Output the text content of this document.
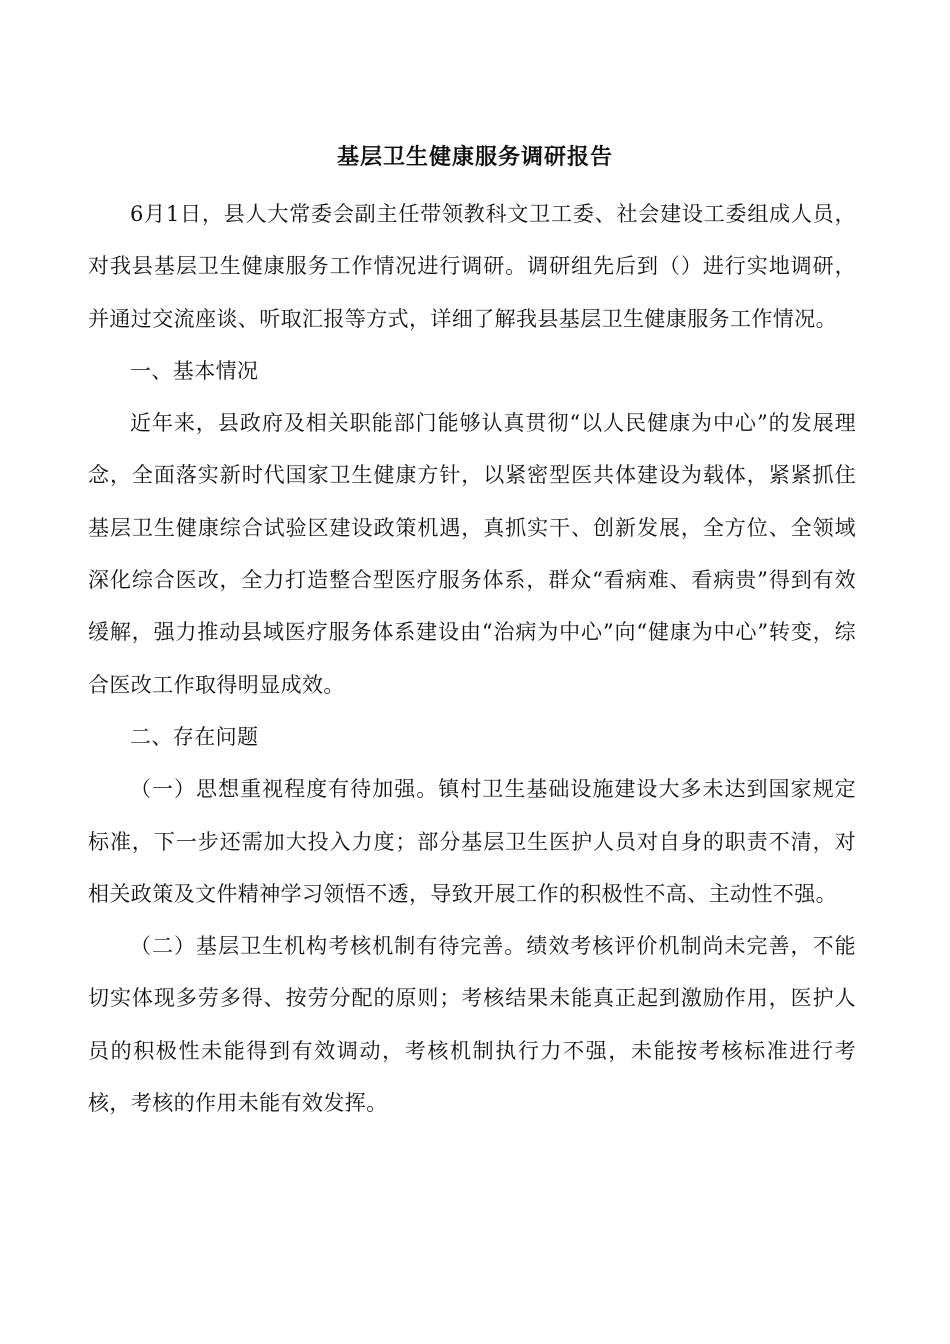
基层卫生健康服务调研报告

6月1日，县人大常委会副主任带领教科文卫工委、社会建设工委组成人员，对我县基层卫生健康服务工作情况进行调研。调研组先后到（）进行实地调研，并通过交流座谈、听取汇报等方式，详细了解我县基层卫生健康服务工作情况。

一、基本情况

近年来，县政府及相关职能部门能够认真贯彻“以人民健康为中心”的发展理念，全面落实新时代国家卫生健康方针，以紧密型医共体建设为载体，紧紧抓住基层卫生健康综合试验区建设政策机遇，真抓实干、创新发展，全方位、全领域深化综合医改，全力打造整合型医疗服务体系，群众“看病难、看病贵”得到有效缓解，强力推动县域医疗服务体系建设由“治病为中心”向“健康为中心”转变，综合医改工作取得明显成效。

二、存在问题

（一）思想重视程度有待加强。镇村卫生基础设施建设大多未达到国家规定标准，下一步还需加大投入力度；部分基层卫生医护人员对自身的职责不清，对相关政策及文件精神学习领悟不透，导致开展工作的积极性不高、主动性不强。

（二）基层卫生机构考核机制有待完善。绩效考核评价机制尚未完善，不能切实体现多劳多得、按劳分配的原则；考核结果未能真正起到激励作用，医护人员的积极性未能得到有效调动，考核机制执行力不强，未能按考核标准进行考核，考核的作用未能有效发挥。
